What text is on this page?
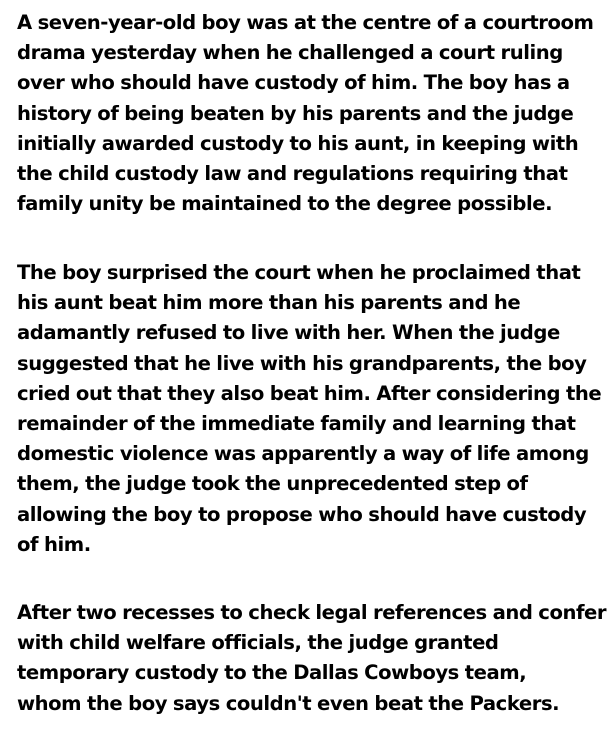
A seven-year-old boy was at the centre of a courtroom
drama yesterday when he challenged a court ruling
over who should have custody of him. The boy has a
history of being beaten by his parents and the judge
initially awarded custody to his aunt, in keeping with
the child custody law and regulations requiring that
family unity be maintained to the degree possible.

The boy surprised the court when he proclaimed that
his aunt beat him more than his parents and he
adamantly refused to live with her. When the judge
suggested that he live with his grandparents, the boy
cried out that they also beat him. After considering the
remainder of the immediate family and learning that
domestic violence was apparently a way of life among
them, the judge took the unprecedented step of
allowing the boy to propose who should have custody
of him.

After two recesses to check legal references and confer
with child welfare officials, the judge granted
temporary custody to the Dallas Cowboys team,
whom the boy says couldn't even beat the Packers.
